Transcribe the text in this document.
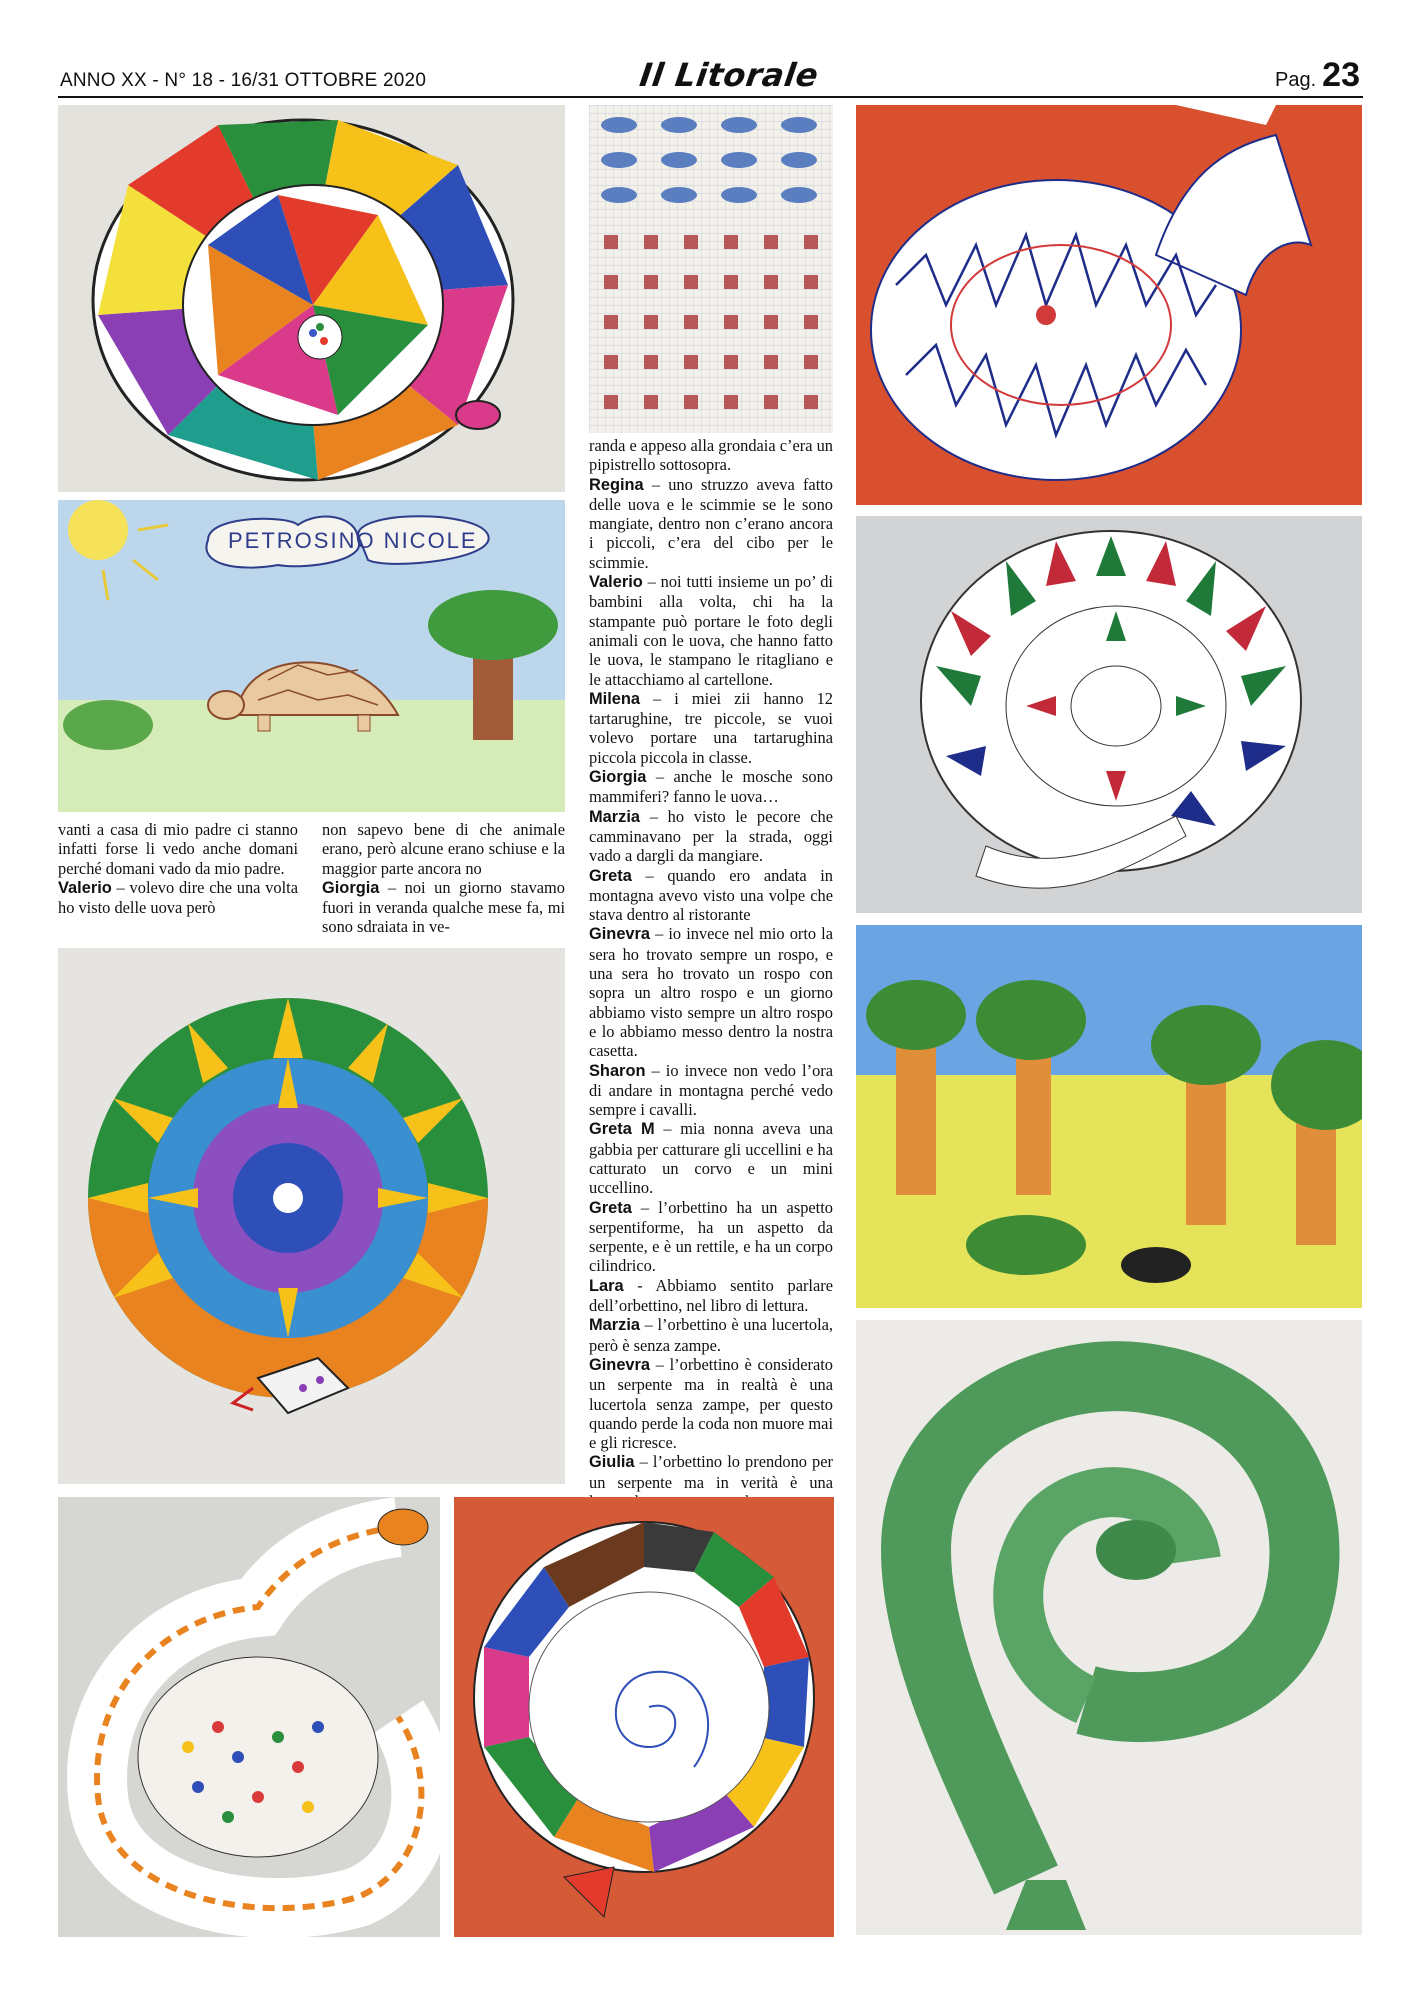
ANNO XX - N° 18 - 16/31 OTTOBRE 2020	Il Litorale	Pag. 23
PETROSINO NICOLE

vanti a casa di mio padre ci stanno infatti forse li vedo anche domani perché domani vado da mio padre.

Valerio – volevo dire che una volta ho visto delle uova però

non sapevo bene di che animale erano, però alcune erano schiuse e la maggior parte ancora no

Giorgia – noi un giorno stavamo fuori in veranda qualche mese fa, mi sono sdraiata in ve-

randa e appeso alla grondaia c’era un pipistrello sottosopra.

Regina – uno struzzo aveva fatto delle uova e le scimmie se le sono mangiate, dentro non c’erano ancora i piccoli, c’era del cibo per le scimmie.

Valerio – noi tutti insieme un po’ di bambini alla volta, chi ha la stampante può portare le foto degli animali con le uova, che hanno fatto le uova, le stampano le ritagliano e le attacchiamo al cartellone.

Milena – i miei zii hanno 12 tartarughine, tre piccole, se vuoi volevo portare una tartarughina piccola piccola in classe.

Giorgia – anche le mosche sono mammiferi? fanno le uova…

Marzia – ho visto le pecore che camminavano per la strada, oggi vado a dargli da mangiare.

Greta – quando ero andata in montagna avevo visto una volpe che stava dentro al ristorante

Ginevra – io invece nel mio orto la sera ho trovato sempre un rospo, e una sera ho trovato un rospo con sopra un altro rospo e un giorno abbiamo visto sempre un altro rospo e lo abbiamo messo dentro la nostra casetta.

Sharon – io invece non vedo l’ora di andare in montagna perché vedo sempre i cavalli.

Greta M – mia nonna aveva una gabbia per catturare gli uccellini e ha catturato un corvo e un mini uccellino.

Greta – l’orbettino ha un aspetto serpentiforme, ha un aspetto da serpente, e è un rettile, e ha un corpo cilindrico.

Lara - Abbiamo sentito parlare dell’orbettino, nel libro di lettura.

Marzia – l’orbettino è una lucertola, però è senza zampe.

Ginevra – l’orbettino è considerato un serpente ma in realtà è una lucertola senza zampe, per questo quando perde la coda non muore mai e gli ricresce.

Giulia – l’orbettino lo prendono per un serpente ma in verità è una
